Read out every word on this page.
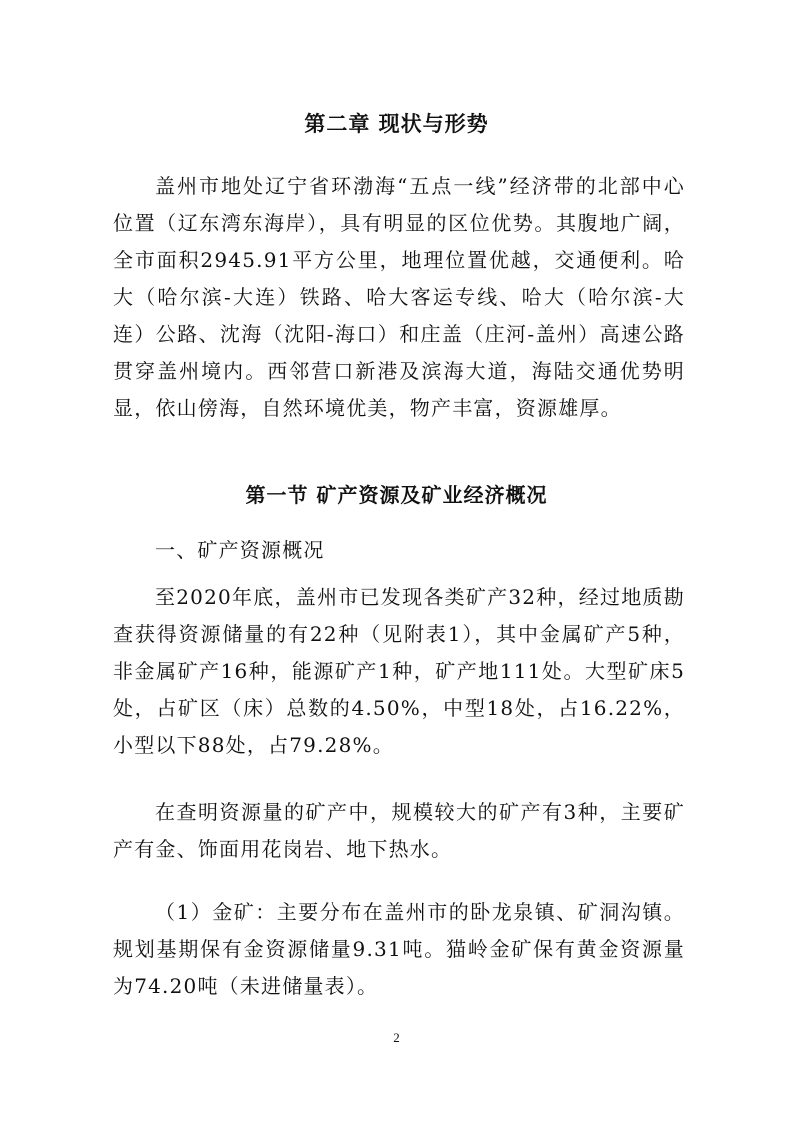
第二章 现状与形势

盖州市地处辽宁省环渤海“五点一线”经济带的北部中心位置（辽东湾东海岸），具有明显的区位优势。其腹地广阔，全市面积2945.91平方公里，地理位置优越，交通便利。哈大（哈尔滨-大连）铁路、哈大客运专线、哈大（哈尔滨-大连）公路、沈海（沈阳-海口）和庄盖（庄河-盖州）高速公路贯穿盖州境内。西邻营口新港及滨海大道，海陆交通优势明显，依山傍海，自然环境优美，物产丰富，资源雄厚。

第一节 矿产资源及矿业经济概况

一、矿产资源概况

至2020年底，盖州市已发现各类矿产32种，经过地质勘查获得资源储量的有22种（见附表1），其中金属矿产5种，非金属矿产16种，能源矿产1种，矿产地111处。大型矿床5处，占矿区（床）总数的4.50%，中型18处，占16.22%，小型以下88处，占79.28%。

在查明资源量的矿产中，规模较大的矿产有3种，主要矿产有金、饰面用花岗岩、地下热水。

（1）金矿：主要分布在盖州市的卧龙泉镇、矿洞沟镇。规划基期保有金资源储量9.31吨。猫岭金矿保有黄金资源量为74.20吨（未进储量表）。

2
